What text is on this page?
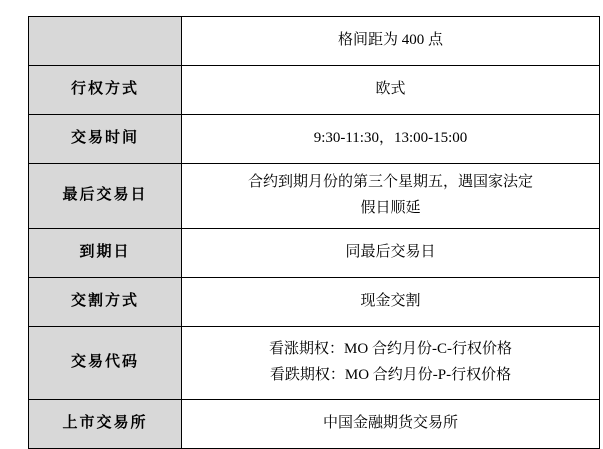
	格间距为 400 点

行权方式	欧式

交易时间	9:30-11:30，13:00-15:00

最后交易日	合约到期月份的第三个星期五，遇国家法定
假日顺延

到期日	同最后交易日

交割方式	现金交割

交易代码	看涨期权：MO 合约月份-C-行权价格
看跌期权：MO 合约月份-P-行权价格

上市交易所	中国金融期货交易所
